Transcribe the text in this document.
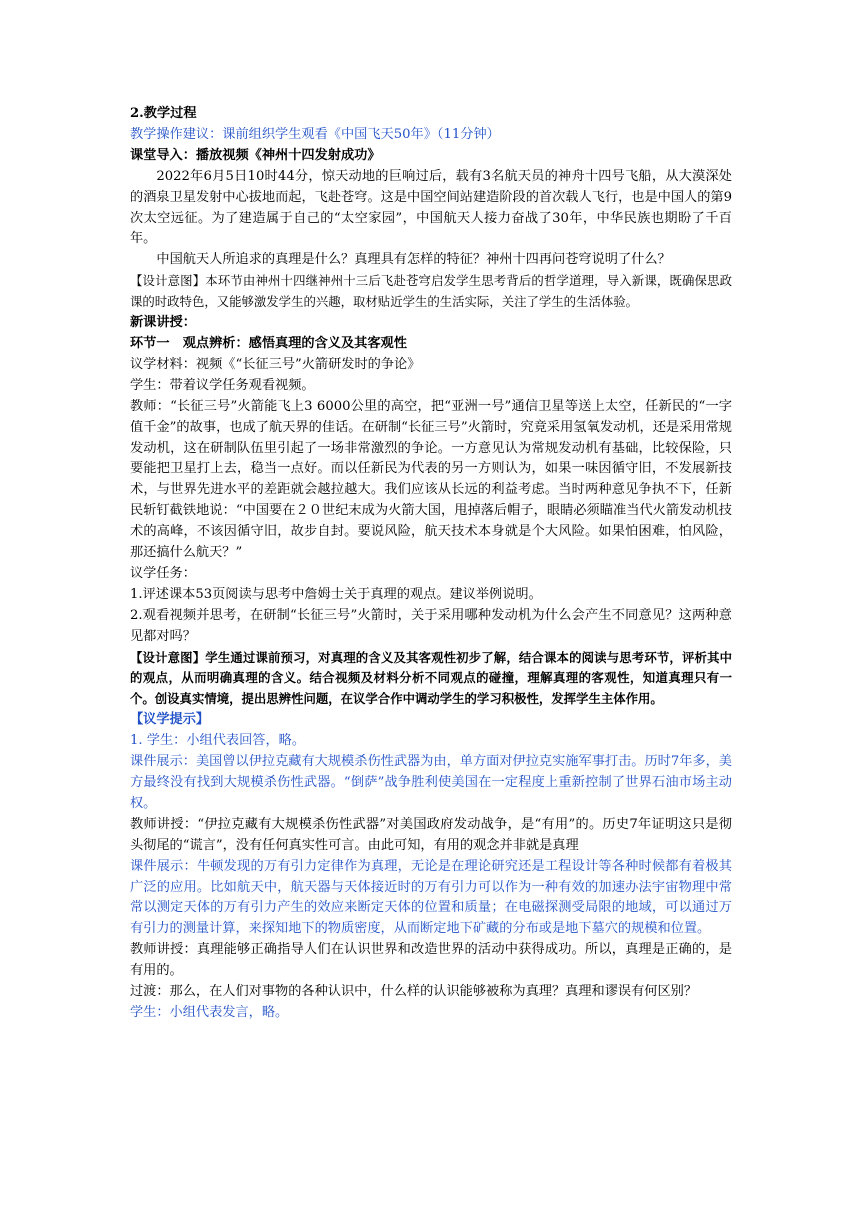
2.教学过程

教学操作建议：课前组织学生观看《中国飞天50年》（11分钟）

课堂导入：播放视频《神州十四发射成功》

2022年6月5日10时44分，惊天动地的巨响过后，载有3名航天员的神舟十四号飞船，从大漠深处的酒泉卫星发射中心拔地而起，飞赴苍穹。这是中国空间站建造阶段的首次载人飞行，也是中国人的第9次太空远征。为了建造属于自己的“太空家园”，中国航天人接力奋战了30年，中华民族也期盼了千百年。

中国航天人所追求的真理是什么？真理具有怎样的特征？神州十四再问苍穹说明了什么？

【设计意图】本环节由神州十四继神州十三后飞赴苍穹启发学生思考背后的哲学道理，导入新课，既确保思政课的时政特色，又能够激发学生的兴趣，取材贴近学生的生活实际，关注了学生的生活体验。

新课讲授：

环节一　观点辨析：感悟真理的含义及其客观性

议学材料：视频《“长征三号”火箭研发时的争论》

学生：带着议学任务观看视频。

教师：“长征三号”火箭能飞上3 6000公里的高空，把“亚洲一号”通信卫星等送上太空，任新民的“一字值千金”的故事，也成了航天界的佳话。在研制“长征三号”火箭时，究竟采用氢氧发动机，还是采用常规发动机，这在研制队伍里引起了一场非常激烈的争论。一方意见认为常规发动机有基础，比较保险，只要能把卫星打上去，稳当一点好。而以任新民为代表的另一方则认为，如果一味因循守旧，不发展新技术，与世界先进水平的差距就会越拉越大。我们应该从长远的利益考虑。当时两种意见争执不下，任新民斩钉截铁地说：“中国要在２０世纪末成为火箭大国，甩掉落后帽子，眼睛必须瞄准当代火箭发动机技术的高峰，不该因循守旧，故步自封。要说风险，航天技术本身就是个大风险。如果怕困难，怕风险，那还搞什么航天？”

议学任务：

1.评述课本53页阅读与思考中詹姆士关于真理的观点。建议举例说明。

2.观看视频并思考，在研制“长征三号”火箭时，关于采用哪种发动机为什么会产生不同意见？这两种意见都对吗？

【设计意图】学生通过课前预习，对真理的含义及其客观性初步了解，结合课本的阅读与思考环节，评析其中的观点，从而明确真理的含义。结合视频及材料分析不同观点的碰撞，理解真理的客观性，知道真理只有一个。创设真实情境，提出思辨性问题，在议学合作中调动学生的学习积极性，发挥学生主体作用。

【议学提示】

1. 学生：小组代表回答，略。

课件展示：美国曾以伊拉克藏有大规模杀伤性武器为由，单方面对伊拉克实施军事打击。历时7年多，美方最终没有找到大规模杀伤性武器。“倒萨”战争胜利使美国在一定程度上重新控制了世界石油市场主动权。

教师讲授：“伊拉克藏有大规模杀伤性武器”对美国政府发动战争，是“有用”的。历史7年证明这只是彻头彻尾的“谎言”，没有任何真实性可言。由此可知，有用的观念并非就是真理

课件展示：牛顿发现的万有引力定律作为真理，无论是在理论研究还是工程设计等各种时候都有着极其广泛的应用。比如航天中，航天器与天体接近时的万有引力可以作为一种有效的加速办法宇宙物理中常常以测定天体的万有引力产生的效应来断定天体的位置和质量；在电磁探测受局限的地域，可以通过万有引力的测量计算，来探知地下的物质密度，从而断定地下矿藏的分布或是地下墓穴的规模和位置。

教师讲授：真理能够正确指导人们在认识世界和改造世界的活动中获得成功。所以，真理是正确的，是有用的。

过渡：那么，在人们对事物的各种认识中，什么样的认识能够被称为真理？真理和谬误有何区别？

学生：小组代表发言，略。
